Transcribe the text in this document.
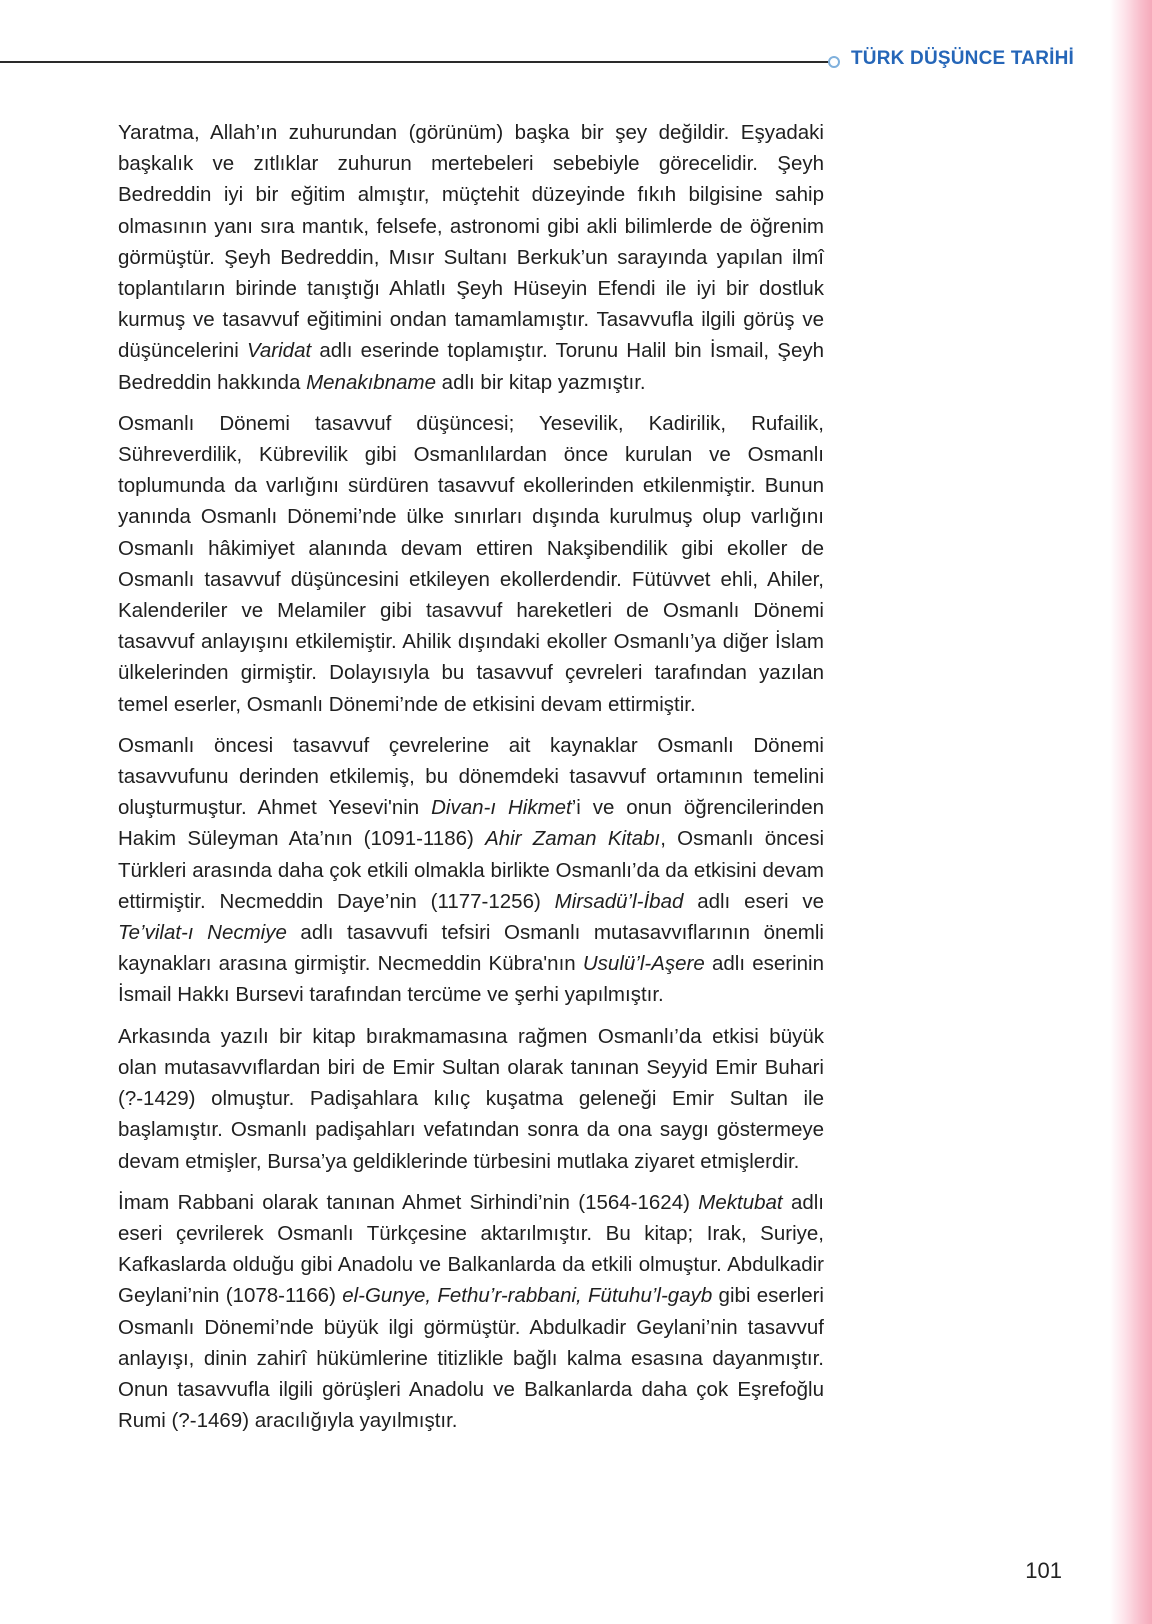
TÜRK DÜŞÜNCE TARİHİ

Yaratma, Allah’ın zuhurundan (görünüm) başka bir şey değildir. Eşyadaki başkalık ve zıtlıklar zuhurun mertebeleri sebebiyle görecelidir. Şeyh Bedreddin iyi bir eğitim almıştır, müçtehit düzeyinde fıkıh bilgisine sahip olmasının yanı sıra mantık, felsefe, astronomi gibi akli bilimlerde de öğrenim görmüştür. Şeyh Bedreddin, Mısır Sultanı Berkuk’un sarayında yapılan ilmî toplantıların birinde tanıştığı Ahlatlı Şeyh Hüseyin Efendi ile iyi bir dostluk kurmuş ve tasavvuf eğitimini ondan tamamlamıştır. Tasavvufla ilgili görüş ve düşüncelerini Varidat adlı eserinde toplamıştır. Torunu Halil bin İsmail, Şeyh Bedreddin hakkında Menakıbname adlı bir kitap yazmıştır.

Osmanlı Dönemi tasavvuf düşüncesi; Yesevilik, Kadirilik, Rufailik, Sühreverdilik, Kübrevilik gibi Osmanlılardan önce kurulan ve Osmanlı toplumunda da varlığını sürdüren tasavvuf ekollerinden etkilenmiştir. Bunun yanında Osmanlı Dönemi’nde ülke sınırları dışında kurulmuş olup varlığını Osmanlı hâkimiyet alanında devam ettiren Nakşibendilik gibi ekoller de Osmanlı tasavvuf düşüncesini etkileyen ekollerdendir. Fütüvvet ehli, Ahiler, Kalenderiler ve Melamiler gibi tasavvuf hareketleri de Osmanlı Dönemi tasavvuf anlayışını etkilemiştir. Ahilik dışındaki ekoller Osmanlı’ya diğer İslam ülkelerinden girmiştir. Dolayısıyla bu tasavvuf çevreleri tarafından yazılan temel eserler, Osmanlı Dönemi’nde de etkisini devam ettirmiştir.

Osmanlı öncesi tasavvuf çevrelerine ait kaynaklar Osmanlı Dönemi tasavvufunu derinden etkilemiş, bu dönemdeki tasavvuf ortamının temelini oluşturmuştur. Ahmet Yesevi'nin Divan-ı Hikmet’i ve onun öğrencilerinden Hakim Süleyman Ata’nın (1091-1186) Ahir Zaman Kitabı, Osmanlı öncesi Türkleri arasında daha çok etkili olmakla birlikte Osmanlı’da da etkisini devam ettirmiştir. Necmeddin Daye’nin (1177-1256) Mirsadü’l-İbad adlı eseri ve Te’vilat-ı Necmiye adlı tasavvufi tefsiri Osmanlı mutasavvıflarının önemli kaynakları arasına girmiştir. Necmeddin Kübra'nın Usulü’l-Aşere adlı eserinin İsmail Hakkı Bursevi tarafından tercüme ve şerhi yapılmıştır.

Arkasında yazılı bir kitap bırakmamasına rağmen Osmanlı’da etkisi büyük olan mutasavvıflardan biri de Emir Sultan olarak tanınan Seyyid Emir Buhari (?-1429) olmuştur. Padişahlara kılıç kuşatma geleneği Emir Sultan ile başlamıştır. Osmanlı padişahları vefatından sonra da ona saygı göstermeye devam etmişler, Bursa’ya geldiklerinde türbesini mutlaka ziyaret etmişlerdir.

İmam Rabbani olarak tanınan Ahmet Sirhindi’nin (1564-1624) Mektubat adlı eseri çevrilerek Osmanlı Türkçesine aktarılmıştır. Bu kitap; Irak, Suriye, Kafkaslarda olduğu gibi Anadolu ve Balkanlarda da etkili olmuştur. Abdulkadir Geylani’nin (1078-1166) el-Gunye, Fethu’r-rabbani, Fütuhu’l-gayb gibi eserleri Osmanlı Dönemi’nde büyük ilgi görmüştür. Abdulkadir Geylani’nin tasavvuf anlayışı, dinin zahirî hükümlerine titizlikle bağlı kalma esasına dayanmıştır. Onun tasavvufla ilgili görüşleri Anadolu ve Balkanlarda daha çok Eşrefoğlu Rumi (?-1469) aracılığıyla yayılmıştır.

101
